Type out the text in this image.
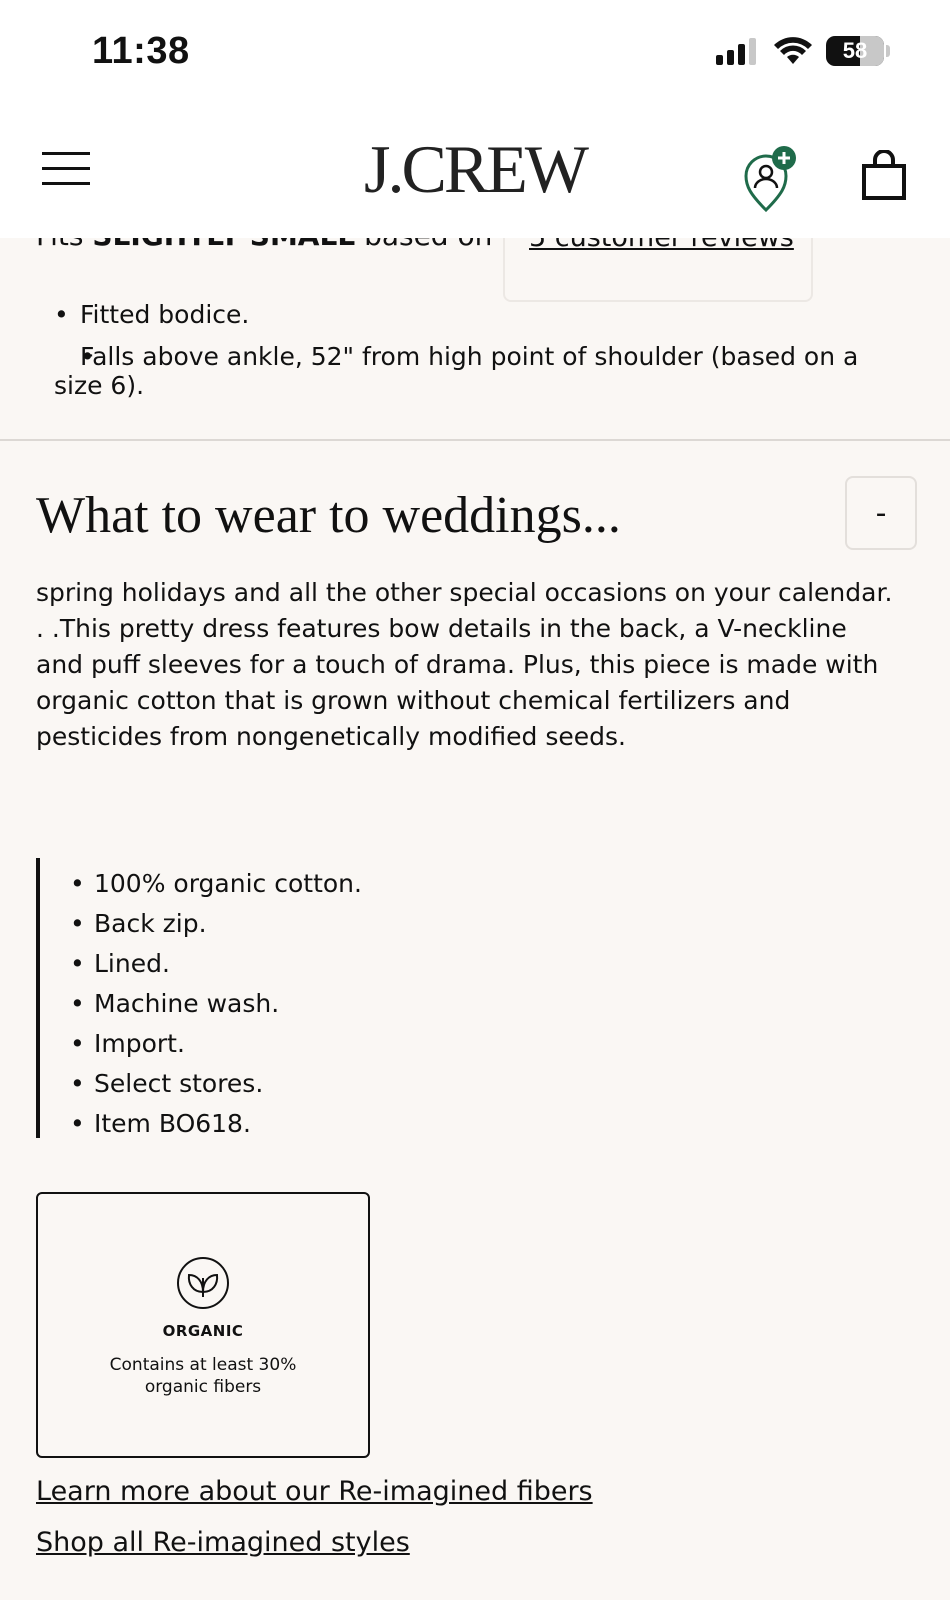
11:38	58
J.CREW
• Fitted bodice.
• Falls above ankle, 52" from high point of shoulder (based on a size 6).
What to wear to weddings...	-
spring holidays and all the other special occasions on your calendar. . .This pretty dress features bow details in the back, a V-neckline and puff sleeves for a touch of drama. Plus, this piece is made with organic cotton that is grown without chemical fertilizers and pesticides from nongenetically modified seeds.
• 100% organic cotton.
• Back zip.
• Lined.
• Machine wash.
• Import.
• Select stores.
• Item BO618.
ORGANIC
Contains at least 30% organic fibers
Learn more about our Re-imagined fibers
Shop all Re-imagined styles
